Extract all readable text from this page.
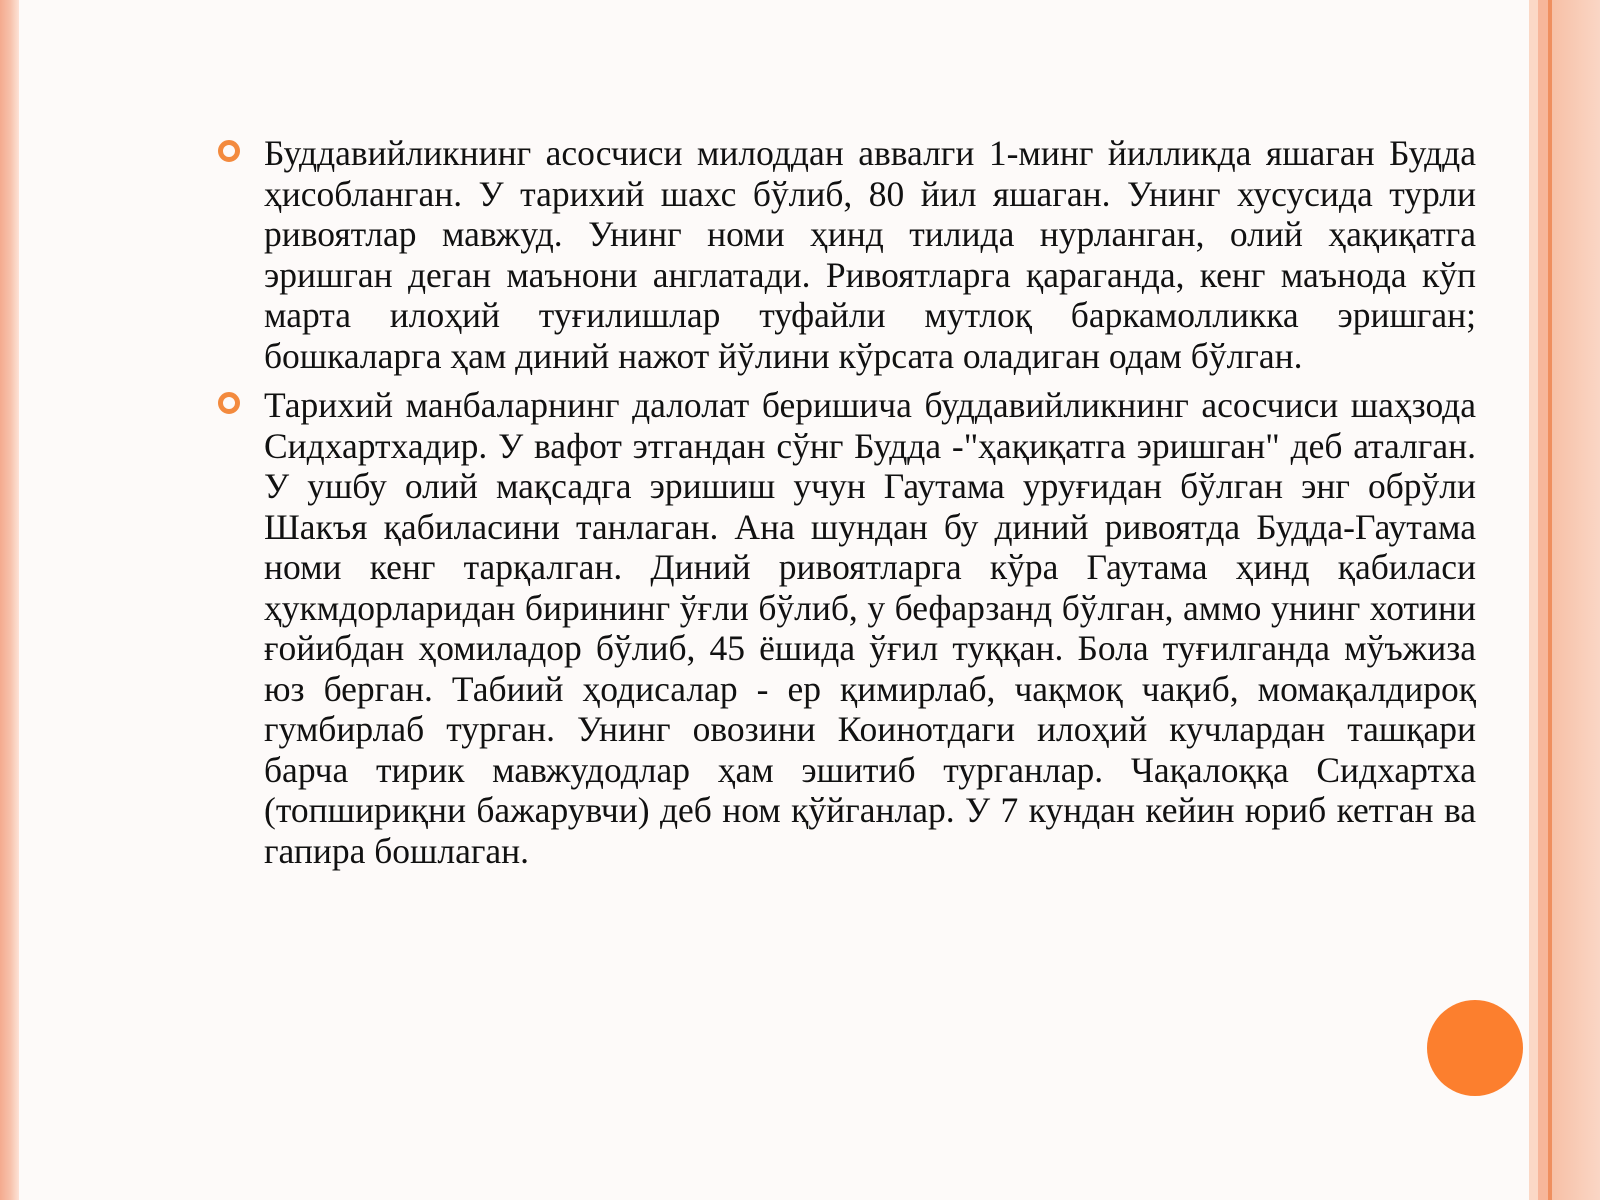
Буддавийликнинг асосчиси милоддан аввалги 1-минг йилликда яшаган Будда ҳисобланган. У тарихий шахс бўлиб, 80 йил яшаган. Унинг хусусида турли ривоятлар мавжуд. Унинг номи ҳинд тилида нурланган, олий ҳақиқатга эришган деган маънони англатади. Ривоятларга қараганда, кенг маънода кўп марта илоҳий туғилишлар туфайли мутлоқ баркамолликка эришган; бошкаларга ҳам диний нажот йўлини кўрсата оладиган одам бўлган.

Тарихий манбаларнинг далолат беришича буддавийликнинг асосчиси шаҳзода Сидхартхадир. У вафот этгандан сўнг Будда -"ҳақиқатга эришган" деб аталган. У ушбу олий мақсадга эришиш учун Гаутама уруғидан бўлган энг обрўли Шакъя қабиласини танлаган. Ана шундан бу диний ривоятда Будда-Гаутама номи кенг тарқалган. Диний ривоятларга кўра Гаутама ҳинд қабиласи ҳукмдорларидан бирининг ўғли бўлиб, у бефарзанд бўлган, аммо унинг хотини ғойибдан ҳомиладор бўлиб, 45 ёшида ўғил туққан. Бола туғилганда мўъжиза юз берган. Табиий ҳодисалар - ер қимирлаб, чақмоқ чақиб, момақалдироқ гумбирлаб турган. Унинг овозини Коинотдаги илоҳий кучлардан ташқари барча тирик мавжудодлар ҳам эшитиб турганлар. Чақалоққа Сидхартха (топшириқни бажарувчи) деб ном қўйганлар. У 7 кундан кейин юриб кетган ва гапира бошлаган.
